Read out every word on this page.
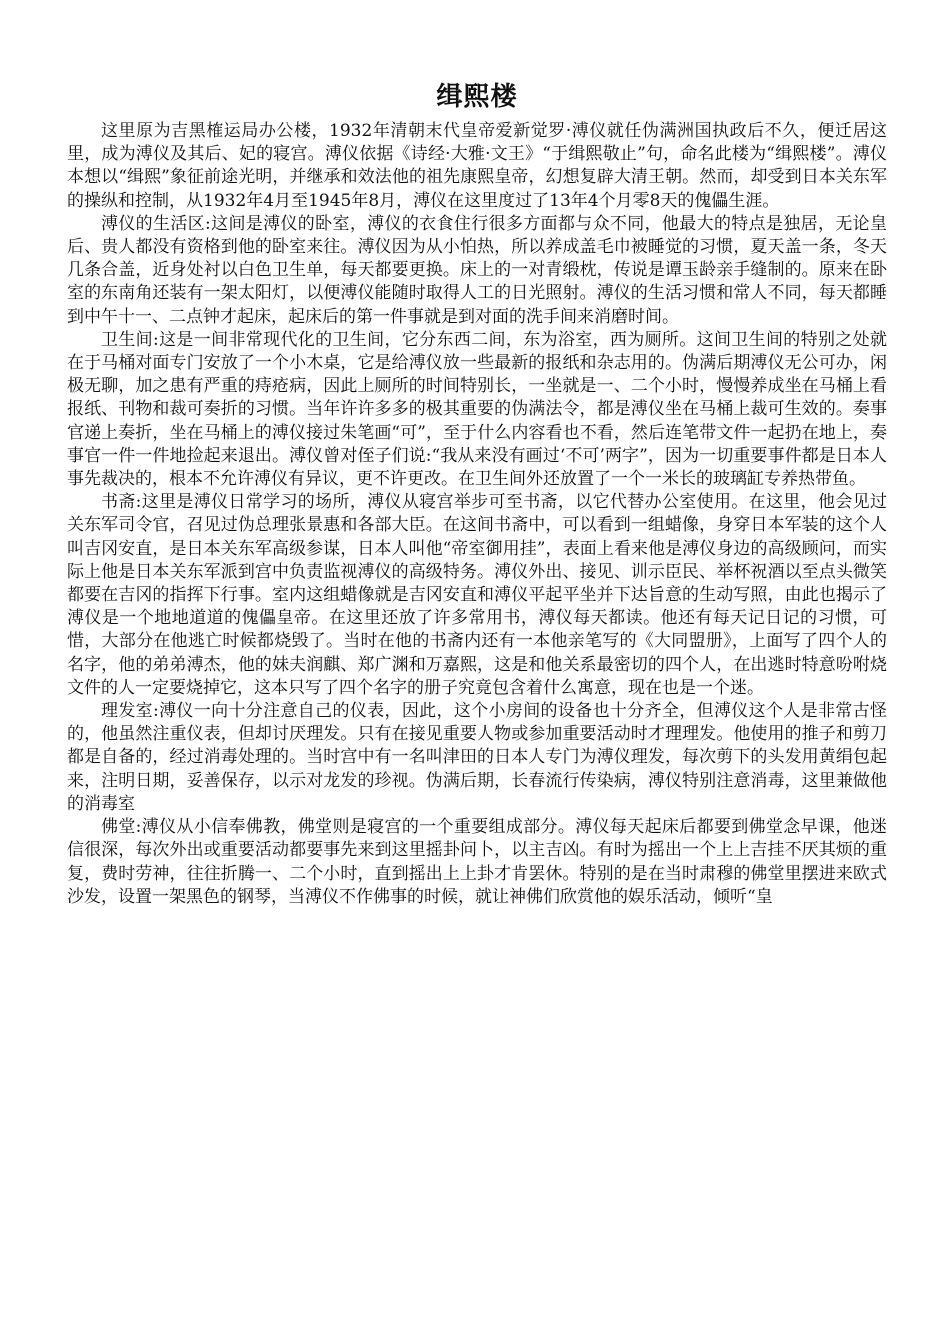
缉熙楼

这里原为吉黑榷运局办公楼，1932年清朝末代皇帝爱新觉罗·溥仪就任伪满洲国执政后不久，便迁居这里，成为溥仪及其后、妃的寝宫。溥仪依据《诗经·大雅·文王》“于缉熙敬止”句，命名此楼为“缉熙楼”。溥仪本想以“缉熙”象征前途光明，并继承和效法他的祖先康熙皇帝，幻想复辟大清王朝。然而，却受到日本关东军的操纵和控制，从1932年4月至1945年8月，溥仪在这里度过了13年4个月零8天的傀儡生涯。

溥仪的生活区:这间是溥仪的卧室，溥仪的衣食住行很多方面都与众不同，他最大的特点是独居，无论皇后、贵人都没有资格到他的卧室来往。溥仪因为从小怕热，所以养成盖毛巾被睡觉的习惯，夏天盖一条，冬天几条合盖，近身处衬以白色卫生单，每天都要更换。床上的一对青缎枕，传说是谭玉龄亲手缝制的。原来在卧室的东南角还装有一架太阳灯，以便溥仪能随时取得人工的日光照射。溥仪的生活习惯和常人不同，每天都睡到中午十一、二点钟才起床，起床后的第一件事就是到对面的洗手间来消磨时间。

卫生间:这是一间非常现代化的卫生间，它分东西二间，东为浴室，西为厕所。这间卫生间的特别之处就在于马桶对面专门安放了一个小木桌，它是给溥仪放一些最新的报纸和杂志用的。伪满后期溥仪无公可办，闲极无聊，加之患有严重的痔疮病，因此上厕所的时间特别长，一坐就是一、二个小时，慢慢养成坐在马桶上看报纸、刊物和裁可奏折的习惯。当年许许多多的极其重要的伪满法令，都是溥仪坐在马桶上裁可生效的。奏事官递上奏折，坐在马桶上的溥仪接过朱笔画“可”，至于什么内容看也不看，然后连笔带文件一起扔在地上，奏事官一件一件地捡起来退出。溥仪曾对侄子们说:“我从来没有画过‘不可’两字”，因为一切重要事件都是日本人事先裁决的，根本不允许溥仪有异议，更不许更改。在卫生间外还放置了一个一米长的玻璃缸专养热带鱼。

书斋:这里是溥仪日常学习的场所，溥仪从寝宫举步可至书斋，以它代替办公室使用。在这里，他会见过关东军司令官，召见过伪总理张景惠和各部大臣。在这间书斋中，可以看到一组蜡像，身穿日本军装的这个人叫吉冈安直，是日本关东军高级参谋，日本人叫他“帝室御用挂”，表面上看来他是溥仪身边的高级顾问，而实际上他是日本关东军派到宫中负责监视溥仪的高级特务。溥仪外出、接见、训示臣民、举杯祝酒以至点头微笑都要在吉冈的指挥下行事。室内这组蜡像就是吉冈安直和溥仪平起平坐并下达旨意的生动写照，由此也揭示了溥仪是一个地地道道的傀儡皇帝。在这里还放了许多常用书，溥仪每天都读。他还有每天记日记的习惯，可惜，大部分在他逃亡时候都烧毁了。当时在他的书斋内还有一本他亲笔写的《大同盟册》，上面写了四个人的名字，他的弟弟溥杰，他的妹夫润麒、郑广渊和万嘉熙，这是和他关系最密切的四个人，在出逃时特意吩咐烧文件的人一定要烧掉它，这本只写了四个名字的册子究竟包含着什么寓意，现在也是一个迷。

理发室:溥仪一向十分注意自己的仪表，因此，这个小房间的设备也十分齐全，但溥仪这个人是非常古怪的，他虽然注重仪表，但却讨厌理发。只有在接见重要人物或参加重要活动时才理理发。他使用的推子和剪刀都是自备的，经过消毒处理的。当时宫中有一名叫津田的日本人专门为溥仪理发，每次剪下的头发用黄绢包起来，注明日期，妥善保存，以示对龙发的珍视。伪满后期，长春流行传染病，溥仪特别注意消毒，这里兼做他的消毒室

佛堂:溥仪从小信奉佛教，佛堂则是寝宫的一个重要组成部分。溥仪每天起床后都要到佛堂念早课，他迷信很深，每次外出或重要活动都要事先来到这里摇卦问卜，以主吉凶。有时为摇出一个上上吉挂不厌其烦的重复，费时劳神，往往折腾一、二个小时，直到摇出上上卦才肯罢休。特别的是在当时肃穆的佛堂里摆进来欧式沙发，设置一架黑色的钢琴，当溥仪不作佛事的时候，就让神佛们欣赏他的娱乐活动，倾听“皇
